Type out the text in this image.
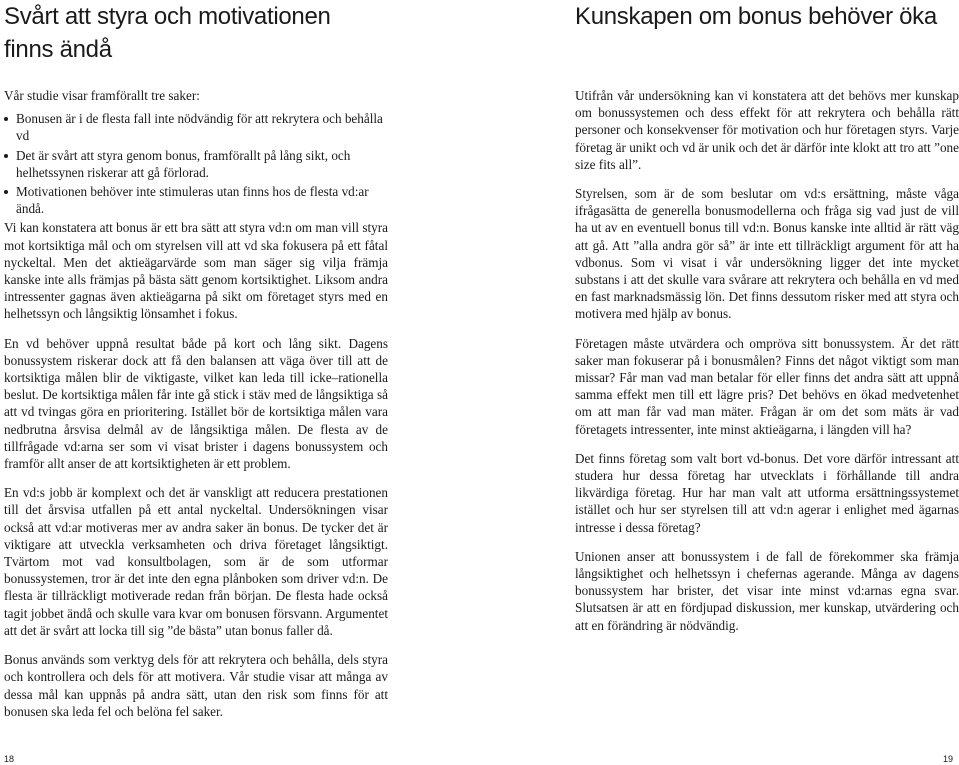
Svårt att styra och motivationen
finns ändå

Vår studie visar framförallt tre saker:

Bonusen är i de flesta fall inte nödvändig för att rekrytera och behålla vd
Det är svårt att styra genom bonus, framförallt på lång sikt, och helhetssynen riskerar att gå förlorad.
Motivationen behöver inte stimuleras utan finns hos de flesta vd:ar ändå.

Vi kan konstatera att bonus är ett bra sätt att styra vd:n om man vill styra mot kortsiktiga mål och om styrelsen vill att vd ska fokusera på ett fåtal nyckeltal. Men det aktieägarvärde som man säger sig vilja främja kanske inte alls främjas på bästa sätt genom kortsiktighet. Liksom andra intressenter gagnas även aktieägarna på sikt om företaget styrs med en helhetssyn och långsiktig lönsamhet i fokus.

En vd behöver uppnå resultat både på kort och lång sikt. Dagens bonussystem riskerar dock att få den balansen att väga över till att de kortsiktiga målen blir de viktigaste, vilket kan leda till icke–rationella beslut. De kortsiktiga målen får inte gå stick i stäv med de långsiktiga så att vd tvingas göra en prioritering. Istället bör de kortsiktiga målen vara nedbrutna årsvisa delmål av de långsiktiga målen. De flesta av de tillfrågade vd:arna ser som vi visat brister i dagens bonussystem och framför allt anser de att kortsiktigheten är ett problem.

En vd:s jobb är komplext och det är vanskligt att reducera prestationen till det årsvisa utfallen på ett antal nyckeltal. Undersökningen visar också att vd:ar motiveras mer av andra saker än bonus. De tycker det är viktigare att utveckla verksamheten och driva företaget långsiktigt. Tvärtom mot vad konsultbolagen, som är de som utformar bonussystemen, tror är det inte den egna plånboken som driver vd:n. De flesta är tillräckligt motiverade redan från början. De flesta hade också tagit jobbet ändå och skulle vara kvar om bonusen försvann. Argumentet att det är svårt att locka till sig ”de bästa” utan bonus faller då.

Bonus används som verktyg dels för att rekrytera och behålla, dels styra och kontrollera och dels för att motivera. Vår studie visar att många av dessa mål kan uppnås på andra sätt, utan den risk som finns för att bonusen ska leda fel och belöna fel saker.

Kunskapen om bonus behöver öka

Utifrån vår undersökning kan vi konstatera att det behövs mer kunskap om bonussystemen och dess effekt för att rekrytera och behålla rätt personer och konsekvenser för motivation och hur företagen styrs. Varje företag är unikt och vd är unik och det är därför inte klokt att tro att ”one size fits all”.

Styrelsen, som är de som beslutar om vd:s ersättning, måste våga ifrågasätta de generella bonusmodellerna och fråga sig vad just de vill ha ut av en eventuell bonus till vd:n. Bonus kanske inte alltid är rätt väg att gå. Att ”alla andra gör så” är inte ett tillräckligt argument för att ha vdbonus. Som vi visat i vår undersökning ligger det inte mycket substans i att det skulle vara svårare att rekrytera och behålla en vd med en fast marknadsmässig lön. Det finns dessutom risker med att styra och motivera med hjälp av bonus.

Företagen måste utvärdera och ompröva sitt bonussystem. Är det rätt saker man fokuserar på i bonusmålen? Finns det något viktigt som man missar? Får man vad man betalar för eller finns det andra sätt att uppnå samma effekt men till ett lägre pris? Det behövs en ökad medvetenhet om att man får vad man mäter. Frågan är om det som mäts är vad företagets intressenter, inte minst aktieägarna, i längden vill ha?

Det finns företag som valt bort vd-bonus. Det vore därför intressant att studera hur dessa företag har utvecklats i förhållande till andra likvärdiga företag. Hur har man valt att utforma ersättningssystemet istället och hur ser styrelsen till att vd:n agerar i enlighet med ägarnas intresse i dessa företag?

Unionen anser att bonussystem i de fall de förekommer ska främja långsiktighet och helhetssyn i chefernas agerande. Många av dagens bonussystem har brister, det visar inte minst vd:arnas egna svar. Slutsatsen är att en fördjupad diskussion, mer kunskap, utvärdering och att en förändring är nödvändig.

18	19
